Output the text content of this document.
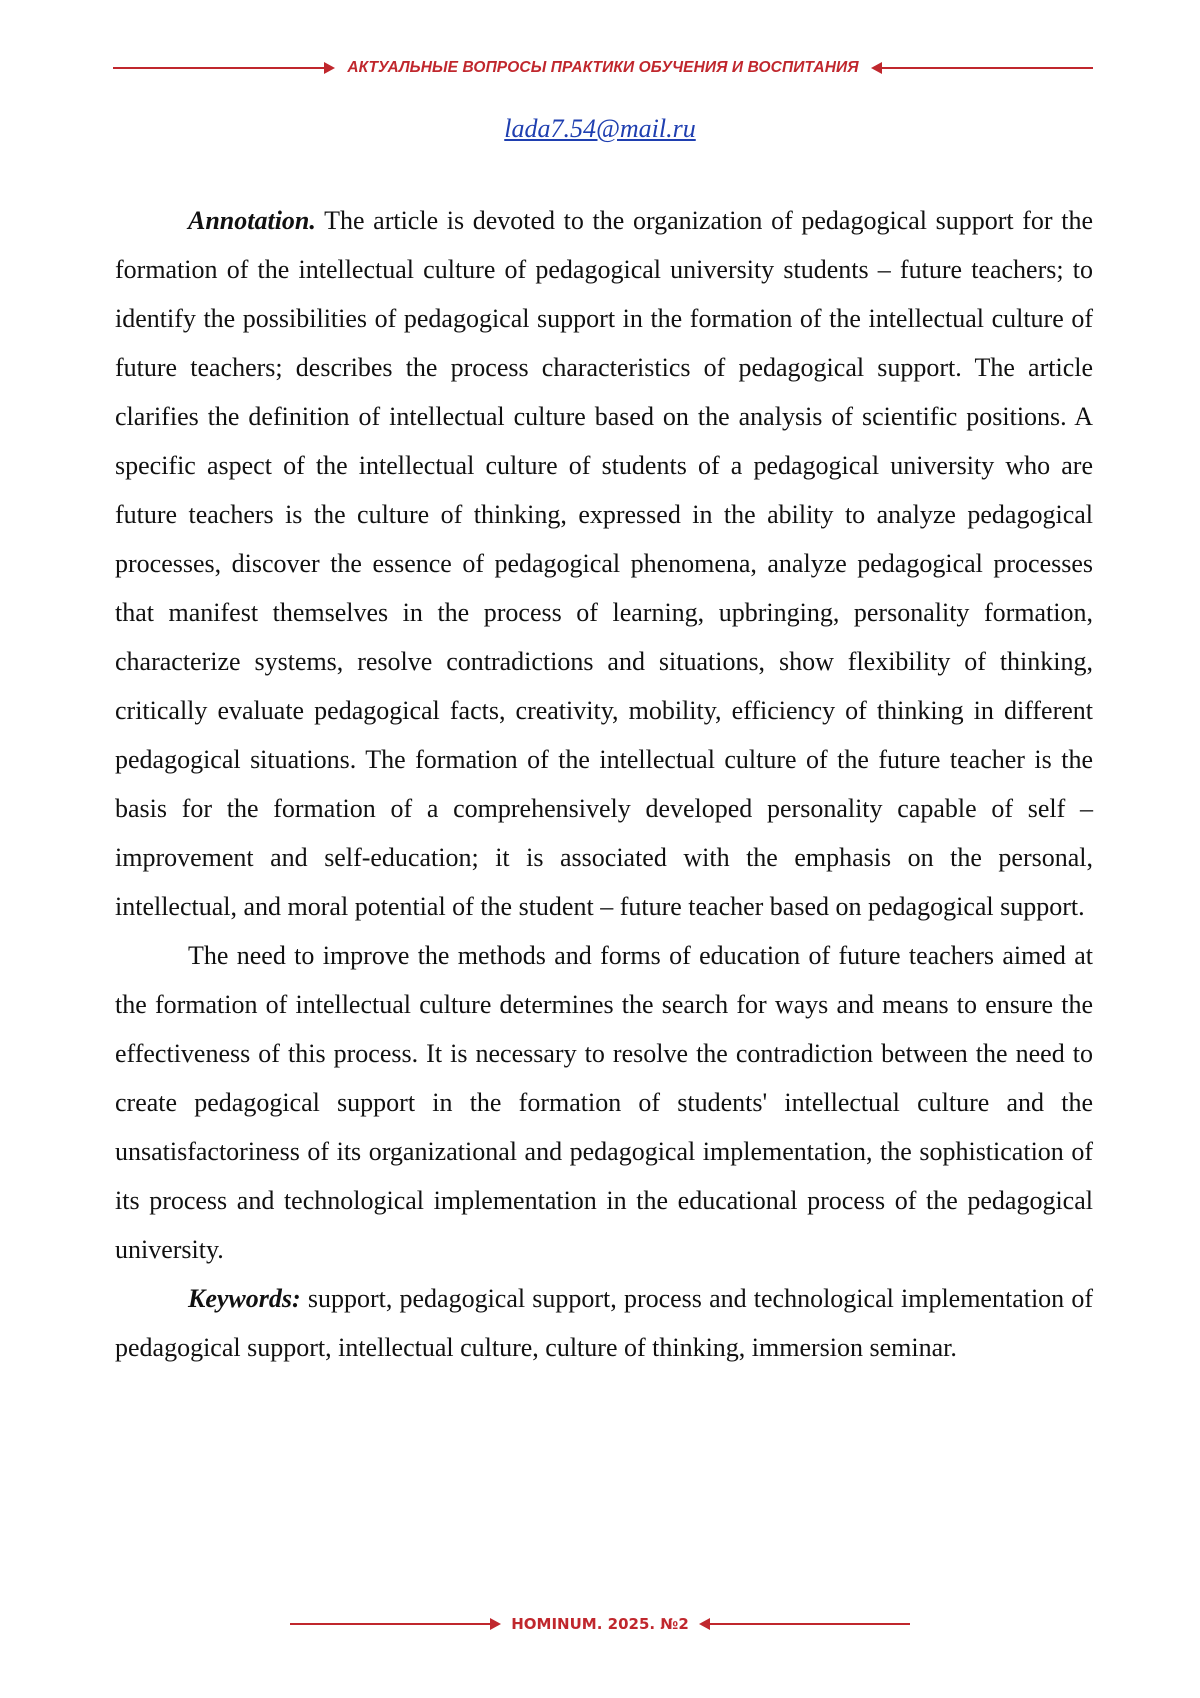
АКТУАЛЬНЫЕ ВОПРОСЫ ПРАКТИКИ ОБУЧЕНИЯ И ВОСПИТАНИЯ
lada7.54@mail.ru

Annotation. The article is devoted to the organization of pedagogical support for the formation of the intellectual culture of pedagogical university students – future teachers; to identify the possibilities of pedagogical support in the formation of the intellectual culture of future teachers; describes the process characteristics of pedagogical support. The article clarifies the definition of intellectual culture based on the analysis of scientific positions. A specific aspect of the intellectual culture of students of a pedagogical university who are future teachers is the culture of thinking, expressed in the ability to analyze pedagogical processes, discover the essence of pedagogical phenomena, analyze pedagogical processes that manifest themselves in the process of learning, upbringing, personality formation, characterize systems, resolve contradictions and situations, show flexibility of thinking, critically evaluate pedagogical facts, creativity, mobility, efficiency of thinking in different pedagogical situations. The formation of the intellectual culture of the future teacher is the basis for the formation of a comprehensively developed personality capable of self – improvement and self-education; it is associated with the emphasis on the personal, intellectual, and moral potential of the student – future teacher based on pedagogical support.

The need to improve the methods and forms of education of future teachers aimed at the formation of intellectual culture determines the search for ways and means to ensure the effectiveness of this process. It is necessary to resolve the contradiction between the need to create pedagogical support in the formation of students' intellectual culture and the unsatisfactoriness of its organizational and pedagogical implementation, the sophistication of its process and technological implementation in the educational process of the pedagogical university.

Keywords: support, pedagogical support, process and technological implementation of pedagogical support, intellectual culture, culture of thinking, immersion seminar.

HOMINUM. 2025. №2
